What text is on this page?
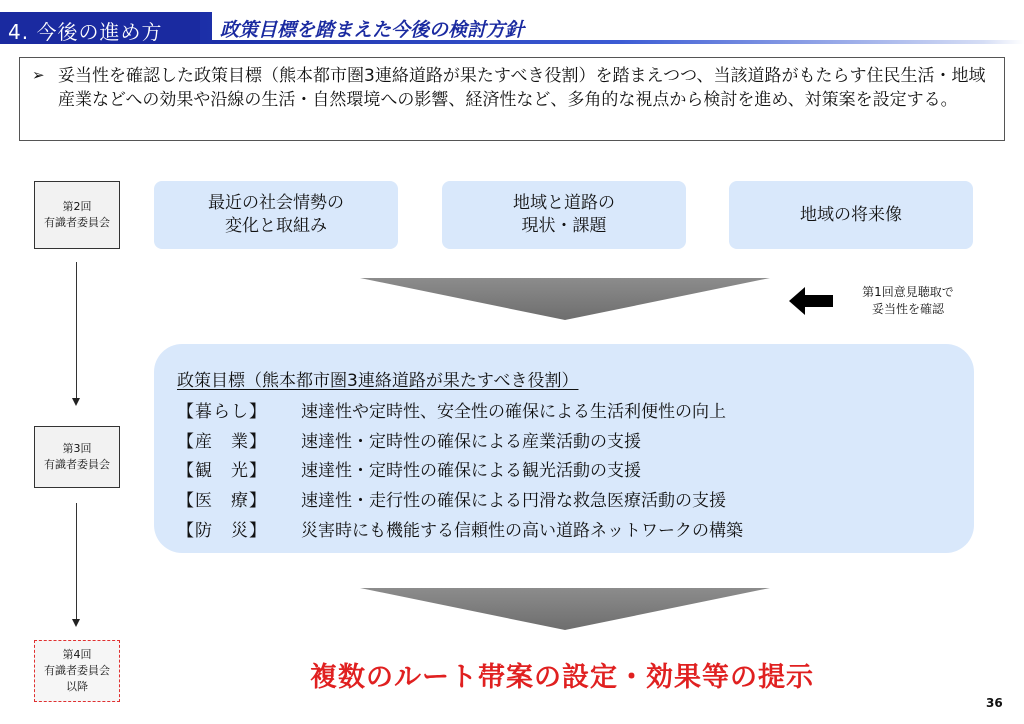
4. 今後の進め方	政策目標を踏まえた今後の検討方針
➢ 妥当性を確認した政策目標（熊本都市圏3連絡道路が果たすべき役割）を踏まえつつ、当該道路がもたらす住民生活・地域産業などへの効果や沿線の生活・自然環境への影響、経済性など、多角的な視点から検討を進め、対策案を設定する。
第2回
有識者委員会
第3回
有識者委員会
第4回
有識者委員会
以降
最近の社会情勢の
変化と取組み
地域と道路の
現状・課題
地域の将来像
第1回意見聴取で
妥当性を確認
政策目標（熊本都市圏3連絡道路が果たすべき役割）
【暮らし】 速達性や定時性、安全性の確保による生活利便性の向上
【産　業】 速達性・定時性の確保による産業活動の支援
【観　光】 速達性・定時性の確保による観光活動の支援
【医　療】 速達性・走行性の確保による円滑な救急医療活動の支援
【防　災】 災害時にも機能する信頼性の高い道路ネットワークの構築
複数のルート帯案の設定・効果等の提示
36
